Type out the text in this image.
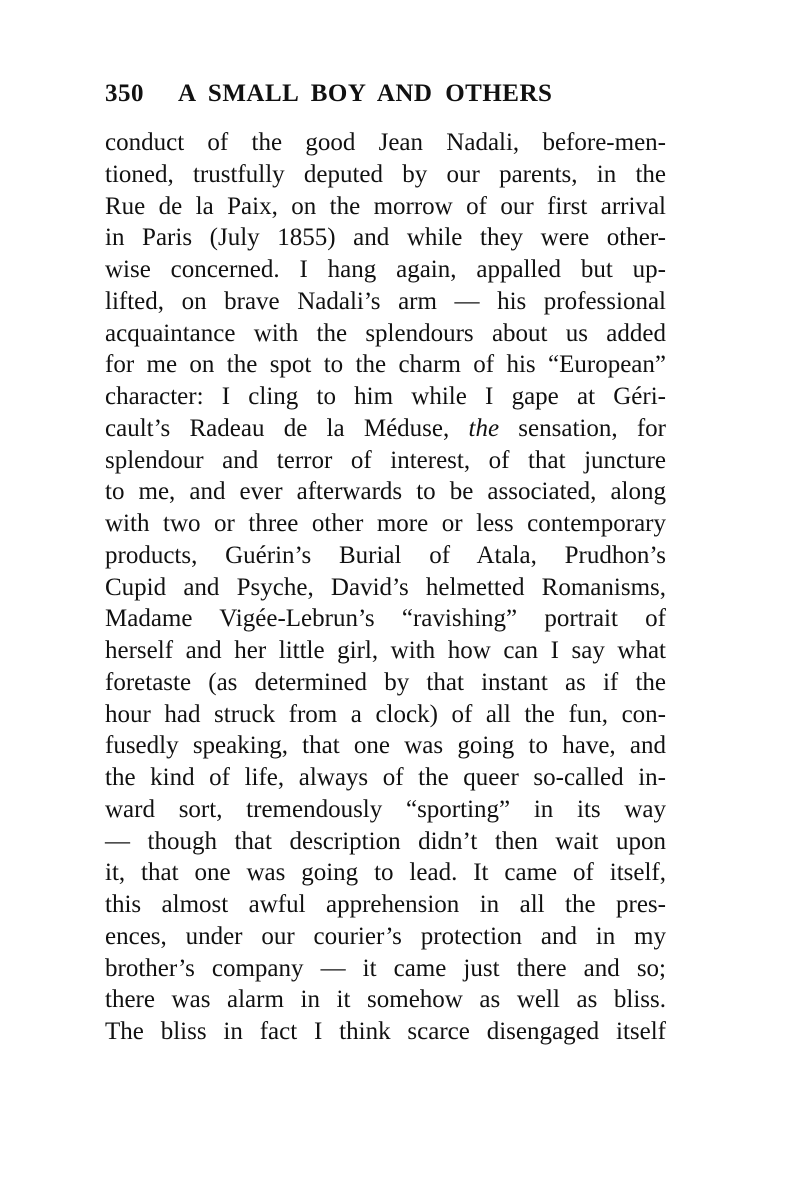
350 A SMALL BOY AND OTHERS
conduct of the good Jean Nadali, before-men-
tioned, trustfully deputed by our parents, in the
Rue de la Paix, on the morrow of our first arrival
in Paris (July 1855) and while they were other-
wise concerned. I hang again, appalled but up-
lifted, on brave Nadali’s arm — his professional
acquaintance with the splendours about us added
for me on the spot to the charm of his “European”
character: I cling to him while I gape at Géri-
cault’s Radeau de la Méduse, the sensation, for
splendour and terror of interest, of that juncture
to me, and ever afterwards to be associated, along
with two or three other more or less contemporary
products, Guérin’s Burial of Atala, Prudhon’s
Cupid and Psyche, David’s helmetted Romanisms,
Madame Vigée-Lebrun’s “ravishing” portrait of
herself and her little girl, with how can I say what
foretaste (as determined by that instant as if the
hour had struck from a clock) of all the fun, con-
fusedly speaking, that one was going to have, and
the kind of life, always of the queer so-called in-
ward sort, tremendously “sporting” in its way
— though that description didn’t then wait upon
it, that one was going to lead. It came of itself,
this almost awful apprehension in all the pres-
ences, under our courier’s protection and in my
brother’s company — it came just there and so;
there was alarm in it somehow as well as bliss.
The bliss in fact I think scarce disengaged itself
